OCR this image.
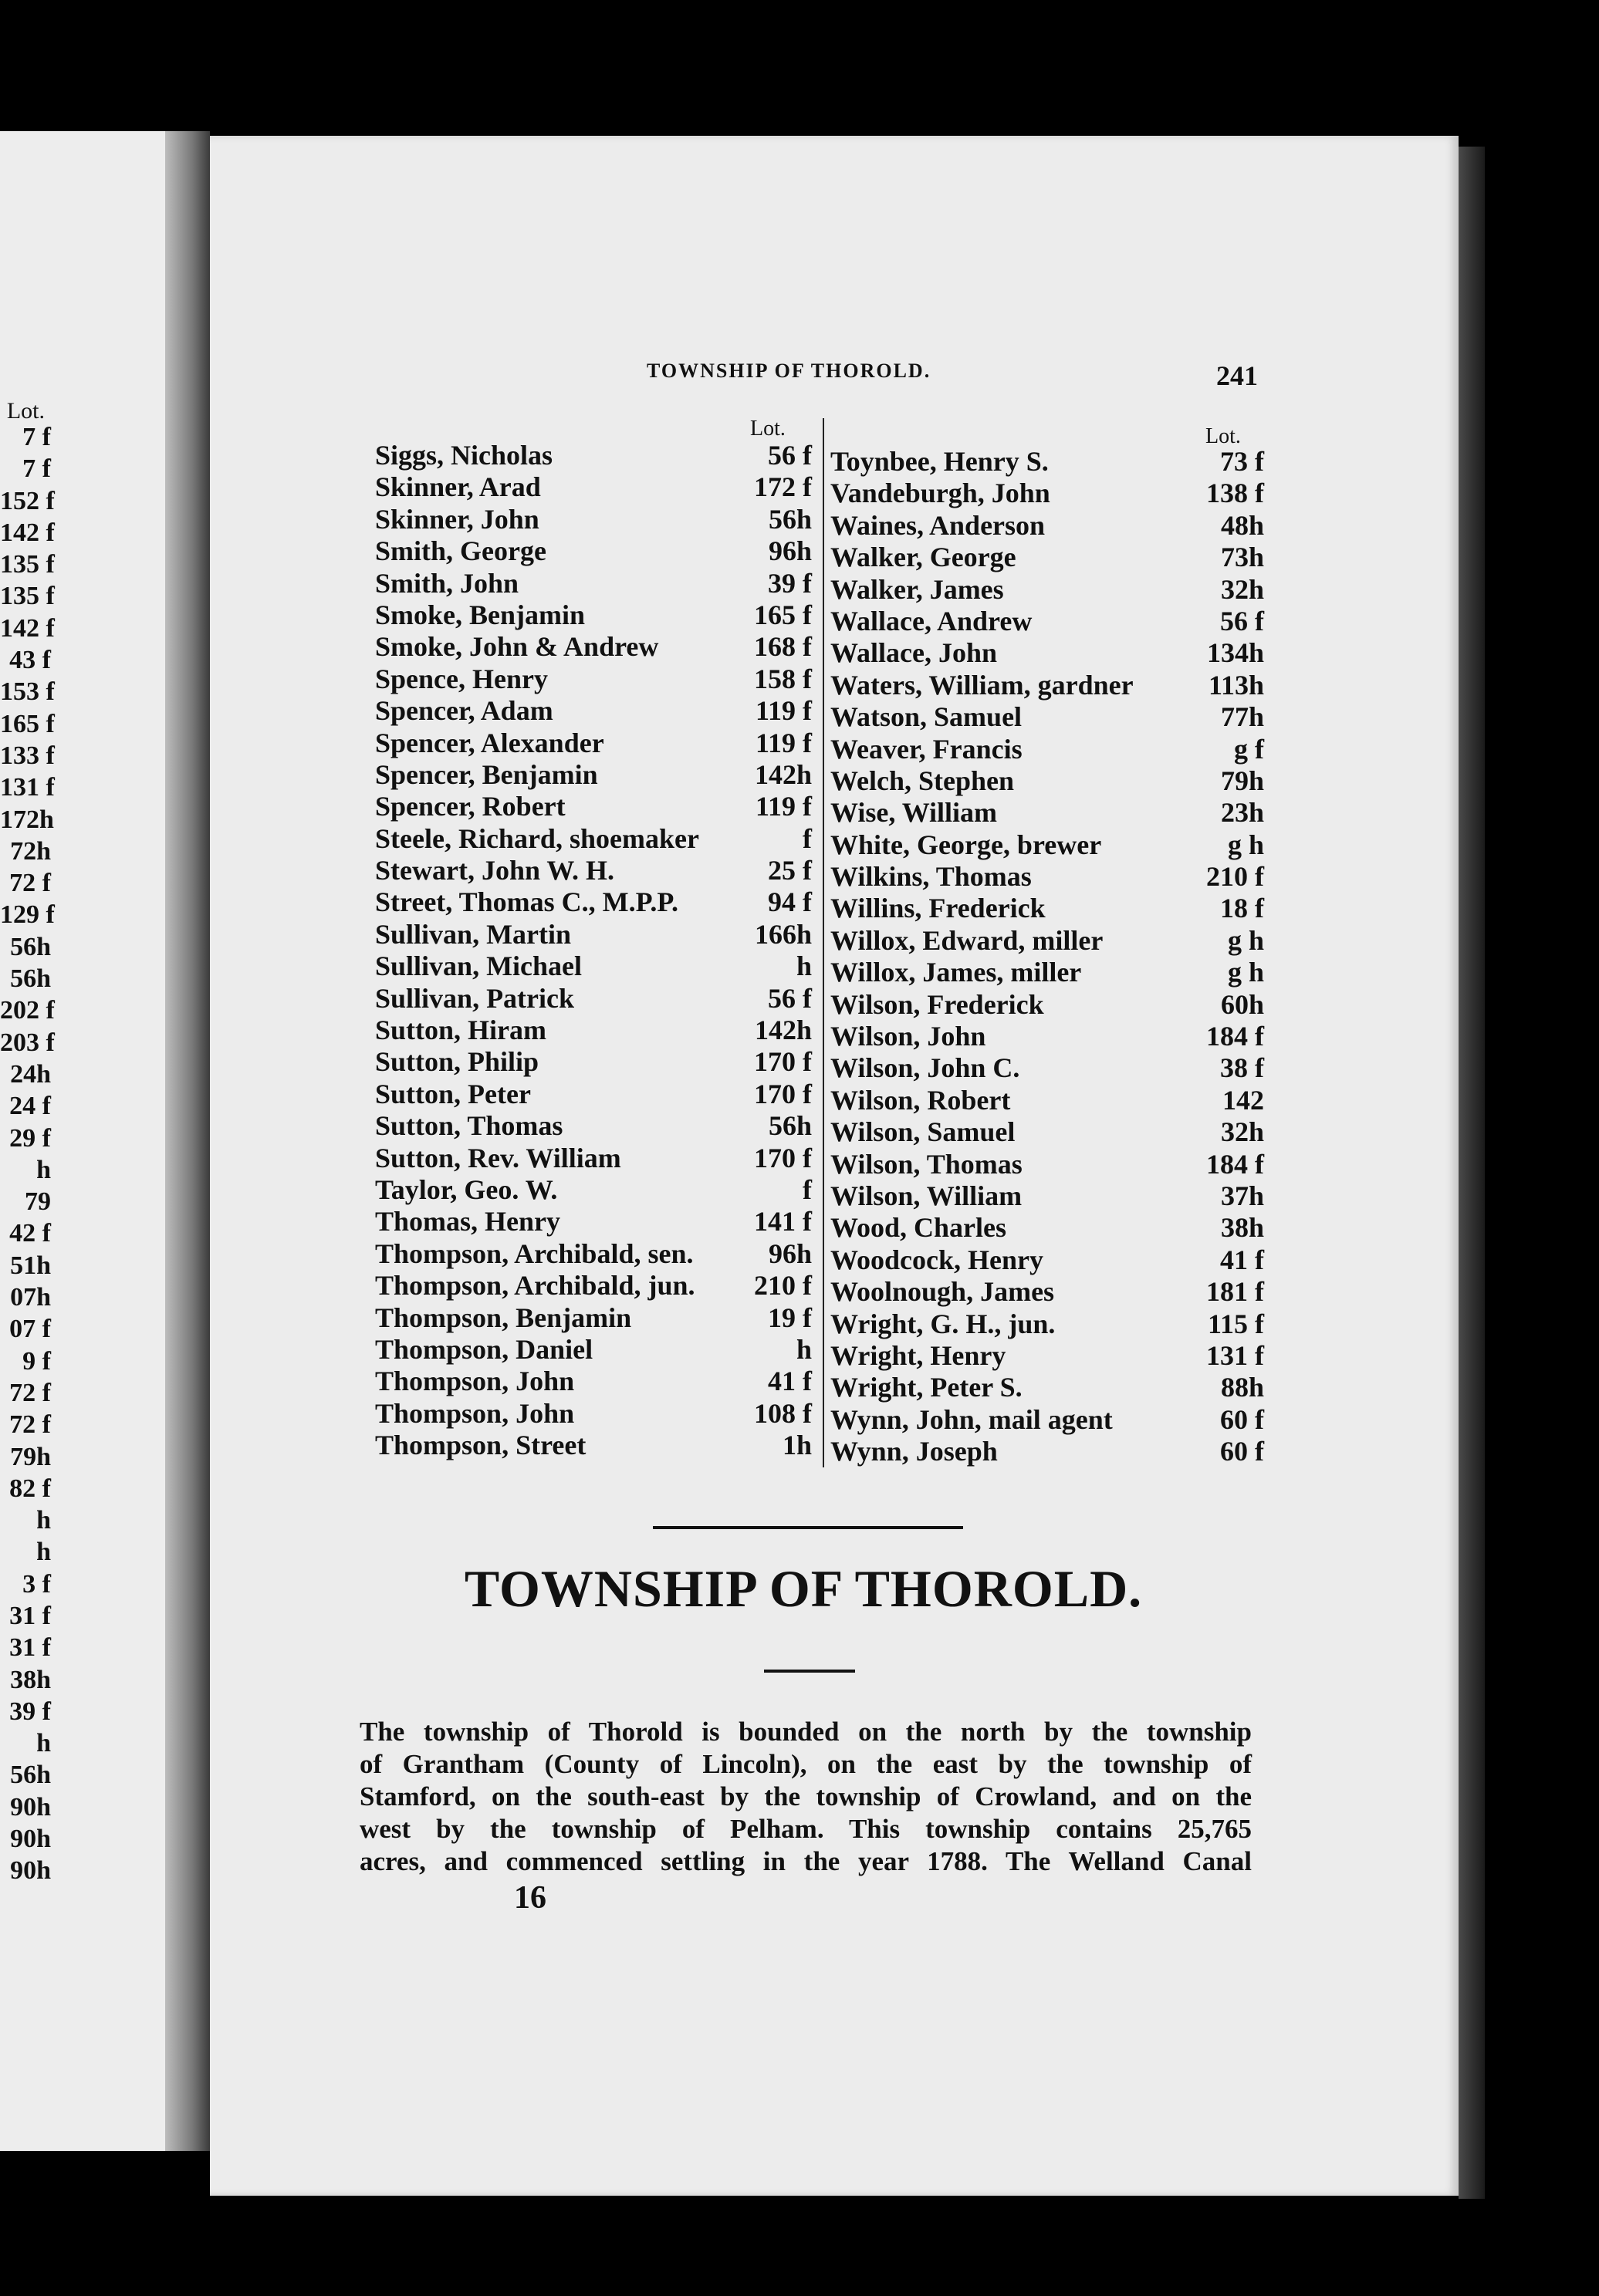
Lot.
7 f
7 f
152 f
142 f
135 f
135 f
142 f
43 f
153 f
165 f
133 f
131 f
172h
72h
72 f
129 f
56h
56h
202 f
203 f
24h
24 f
29 f
h
79
42 f
51h
07h
07 f
9 f
72 f
72 f
79h
82 f
h
h
3 f
31 f
31 f
38h
39 f
h
56h
90h
90h
90h
TOWNSHIP OF THOROLD.	241
Lot.	Lot.
Siggs, Nicholas	56 f
Skinner, Arad	172 f
Skinner, John	56h
Smith, George	96h
Smith, John	39 f
Smoke, Benjamin	165 f
Smoke, John & Andrew	168 f
Spence, Henry	158 f
Spencer, Adam	119 f
Spencer, Alexander	119 f
Spencer, Benjamin	142h
Spencer, Robert	119 f
Steele, Richard, shoemaker	f
Stewart, John W. H.	25 f
Street, Thomas C., M.P.P.	94 f
Sullivan, Martin	166h
Sullivan, Michael	h
Sullivan, Patrick	56 f
Sutton, Hiram	142h
Sutton, Philip	170 f
Sutton, Peter	170 f
Sutton, Thomas	56h
Sutton, Rev. William	170 f
Taylor, Geo. W.	f
Thomas, Henry	141 f
Thompson, Archibald, sen.	96h
Thompson, Archibald, jun.	210 f
Thompson, Benjamin	19 f
Thompson, Daniel	h
Thompson, John	41 f
Thompson, John	108 f
Thompson, Street	1h
Toynbee, Henry S.	73 f
Vandeburgh, John	138 f
Waines, Anderson	48h
Walker, George	73h
Walker, James	32h
Wallace, Andrew	56 f
Wallace, John	134h
Waters, William, gardner	113h
Watson, Samuel	77h
Weaver, Francis	g f
Welch, Stephen	79h
Wise, William	23h
White, George, brewer	g h
Wilkins, Thomas	210 f
Willins, Frederick	18 f
Willox, Edward, miller	g h
Willox, James, miller	g h
Wilson, Frederick	60h
Wilson, John	184 f
Wilson, John C.	38 f
Wilson, Robert	142
Wilson, Samuel	32h
Wilson, Thomas	184 f
Wilson, William	37h
Wood, Charles	38h
Woodcock, Henry	41 f
Woolnough, James	181 f
Wright, G. H., jun.	115 f
Wright, Henry	131 f
Wright, Peter S.	88h
Wynn, John, mail agent	60 f
Wynn, Joseph	60 f
TOWNSHIP OF THOROLD.
The township of Thorold is bounded on the north by the township
of Grantham (County of Lincoln), on the east by the township of
Stamford, on the south-east by the township of Crowland, and on the
west by the township of Pelham. This township contains 25,765
acres, and commenced settling in the year 1788. The Welland Canal
16
